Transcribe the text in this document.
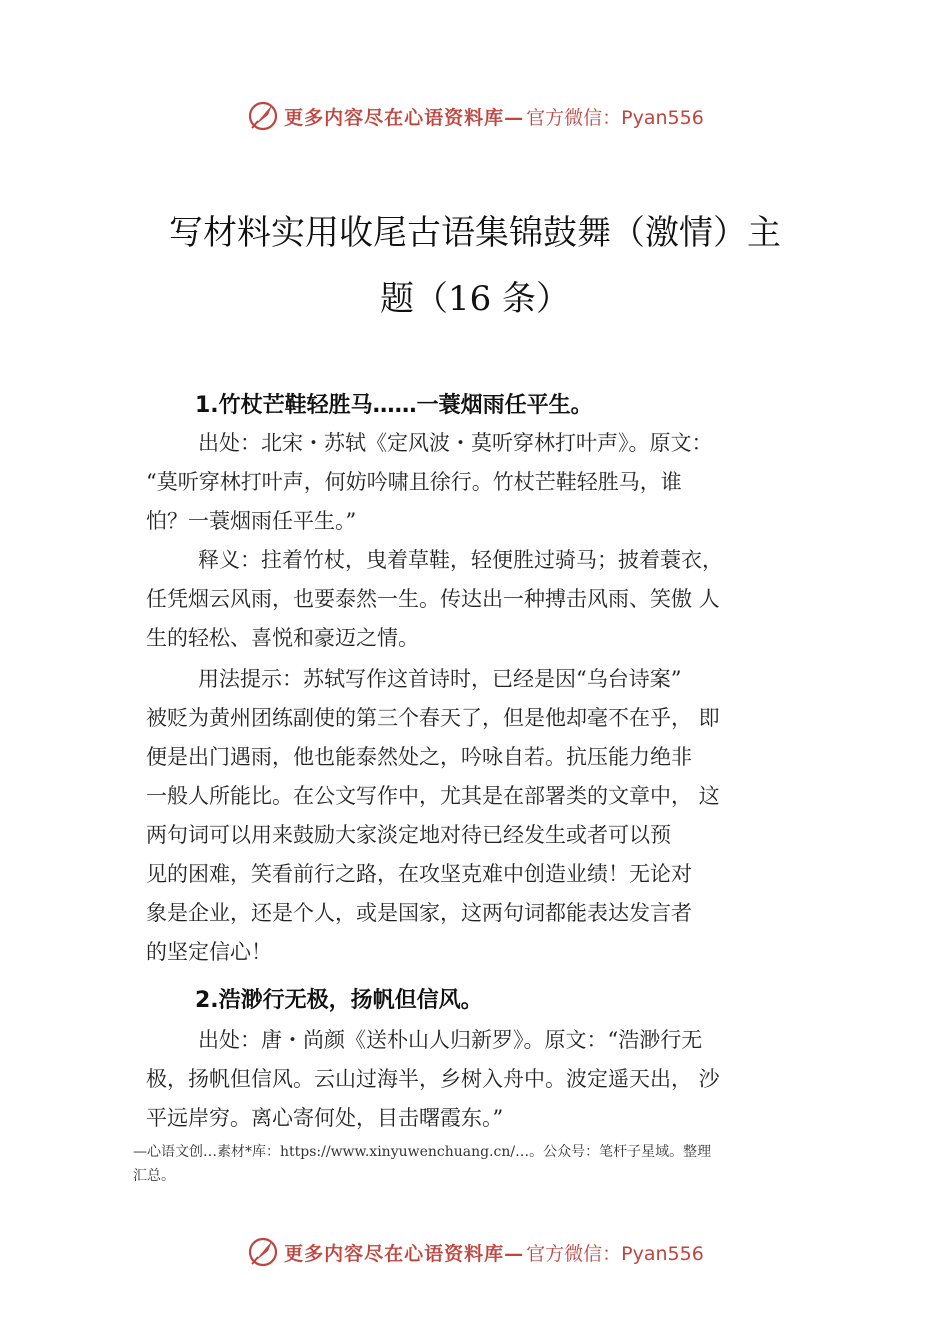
更多内容尽在心语资料库— 官方微信：Pyan556
写材料实用收尾古语集锦鼓舞（激情）主
题（16 条）
1.竹杖芒鞋轻胜马……一蓑烟雨任平生。
出处：北宋・苏轼《定风波・莫听穿林打叶声》。原文：
“莫听穿林打叶声，何妨吟啸且徐行。竹杖芒鞋轻胜马，谁
怕？一蓑烟雨任平生。”
释义：拄着竹杖，曳着草鞋，轻便胜过骑马；披着蓑衣，
任凭烟云风雨，也要泰然一生。传达出一种搏击风雨、笑傲 人
生的轻松、喜悦和豪迈之情。
用法提示：苏轼写作这首诗时，已经是因“乌台诗案”
被贬为黄州团练副使的第三个春天了，但是他却毫不在乎， 即
便是出门遇雨，他也能泰然处之，吟咏自若。抗压能力绝非
一般人所能比。在公文写作中，尤其是在部署类的文章中， 这
两句词可以用来鼓励大家淡定地对待已经发生或者可以预
见的困难，笑看前行之路，在攻坚克难中创造业绩！无论对
象是企业，还是个人，或是国家，这两句词都能表达发言者
的坚定信心！
2.浩渺行无极，扬帆但信风。
出处：唐・尚颜《送朴山人归新罗》。原文：“浩渺行无
极，扬帆但信风。云山过海半，乡树入舟中。波定遥天出， 沙
平远岸穷。离心寄何处，目击曙霞东。”
—心语文创…素材*库：https://www.xinyuwenchuang.cn/…。公众号：笔杆子星域。整理
汇总。
更多内容尽在心语资料库— 官方微信：Pyan556
